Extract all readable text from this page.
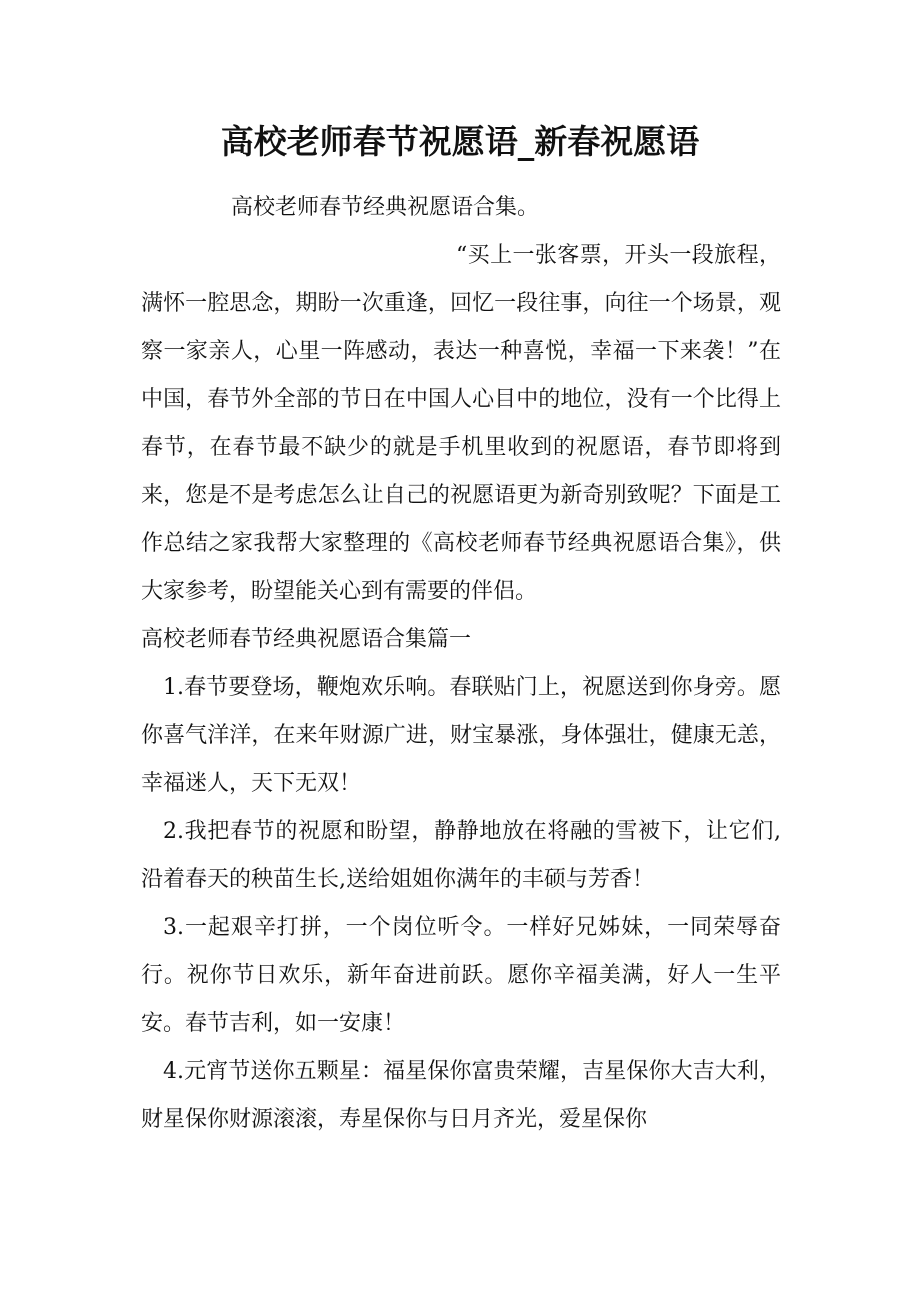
高校老师春节祝愿语_新春祝愿语

高校老师春节经典祝愿语合集。

“买上一张客票，开头一段旅程，满怀一腔思念，期盼一次重逢，回忆一段往事，向往一个场景，观察一家亲人，心里一阵感动，表达一种喜悦，幸福一下来袭！”在中国，春节外全部的节日在中国人心目中的地位，没有一个比得上春节，在春节最不缺少的就是手机里收到的祝愿语，春节即将到来，您是不是考虑怎么让自己的祝愿语更为新奇别致呢？下面是工作总结之家我帮大家整理的《高校老师春节经典祝愿语合集》，供大家参考，盼望能关心到有需要的伴侣。

高校老师春节经典祝愿语合集篇一

1.春节要登场，鞭炮欢乐响。春联贴门上，祝愿送到你身旁。愿你喜气洋洋，在来年财源广进，财宝暴涨，身体强壮，健康无恙，幸福迷人，天下无双！

2.我把春节的祝愿和盼望，静静地放在将融的雪被下，让它们,沿着春天的秧苗生长,送给姐姐你满年的丰硕与芳香！

3.一起艰辛打拼，一个岗位听令。一样好兄姊妹，一同荣辱奋行。祝你节日欢乐，新年奋进前跃。愿你辛福美满，好人一生平安。春节吉利，如一安康！

4.元宵节送你五颗星：福星保你富贵荣耀，吉星保你大吉大利，财星保你财源滚滚，寿星保你与日月齐光，爱星保你
